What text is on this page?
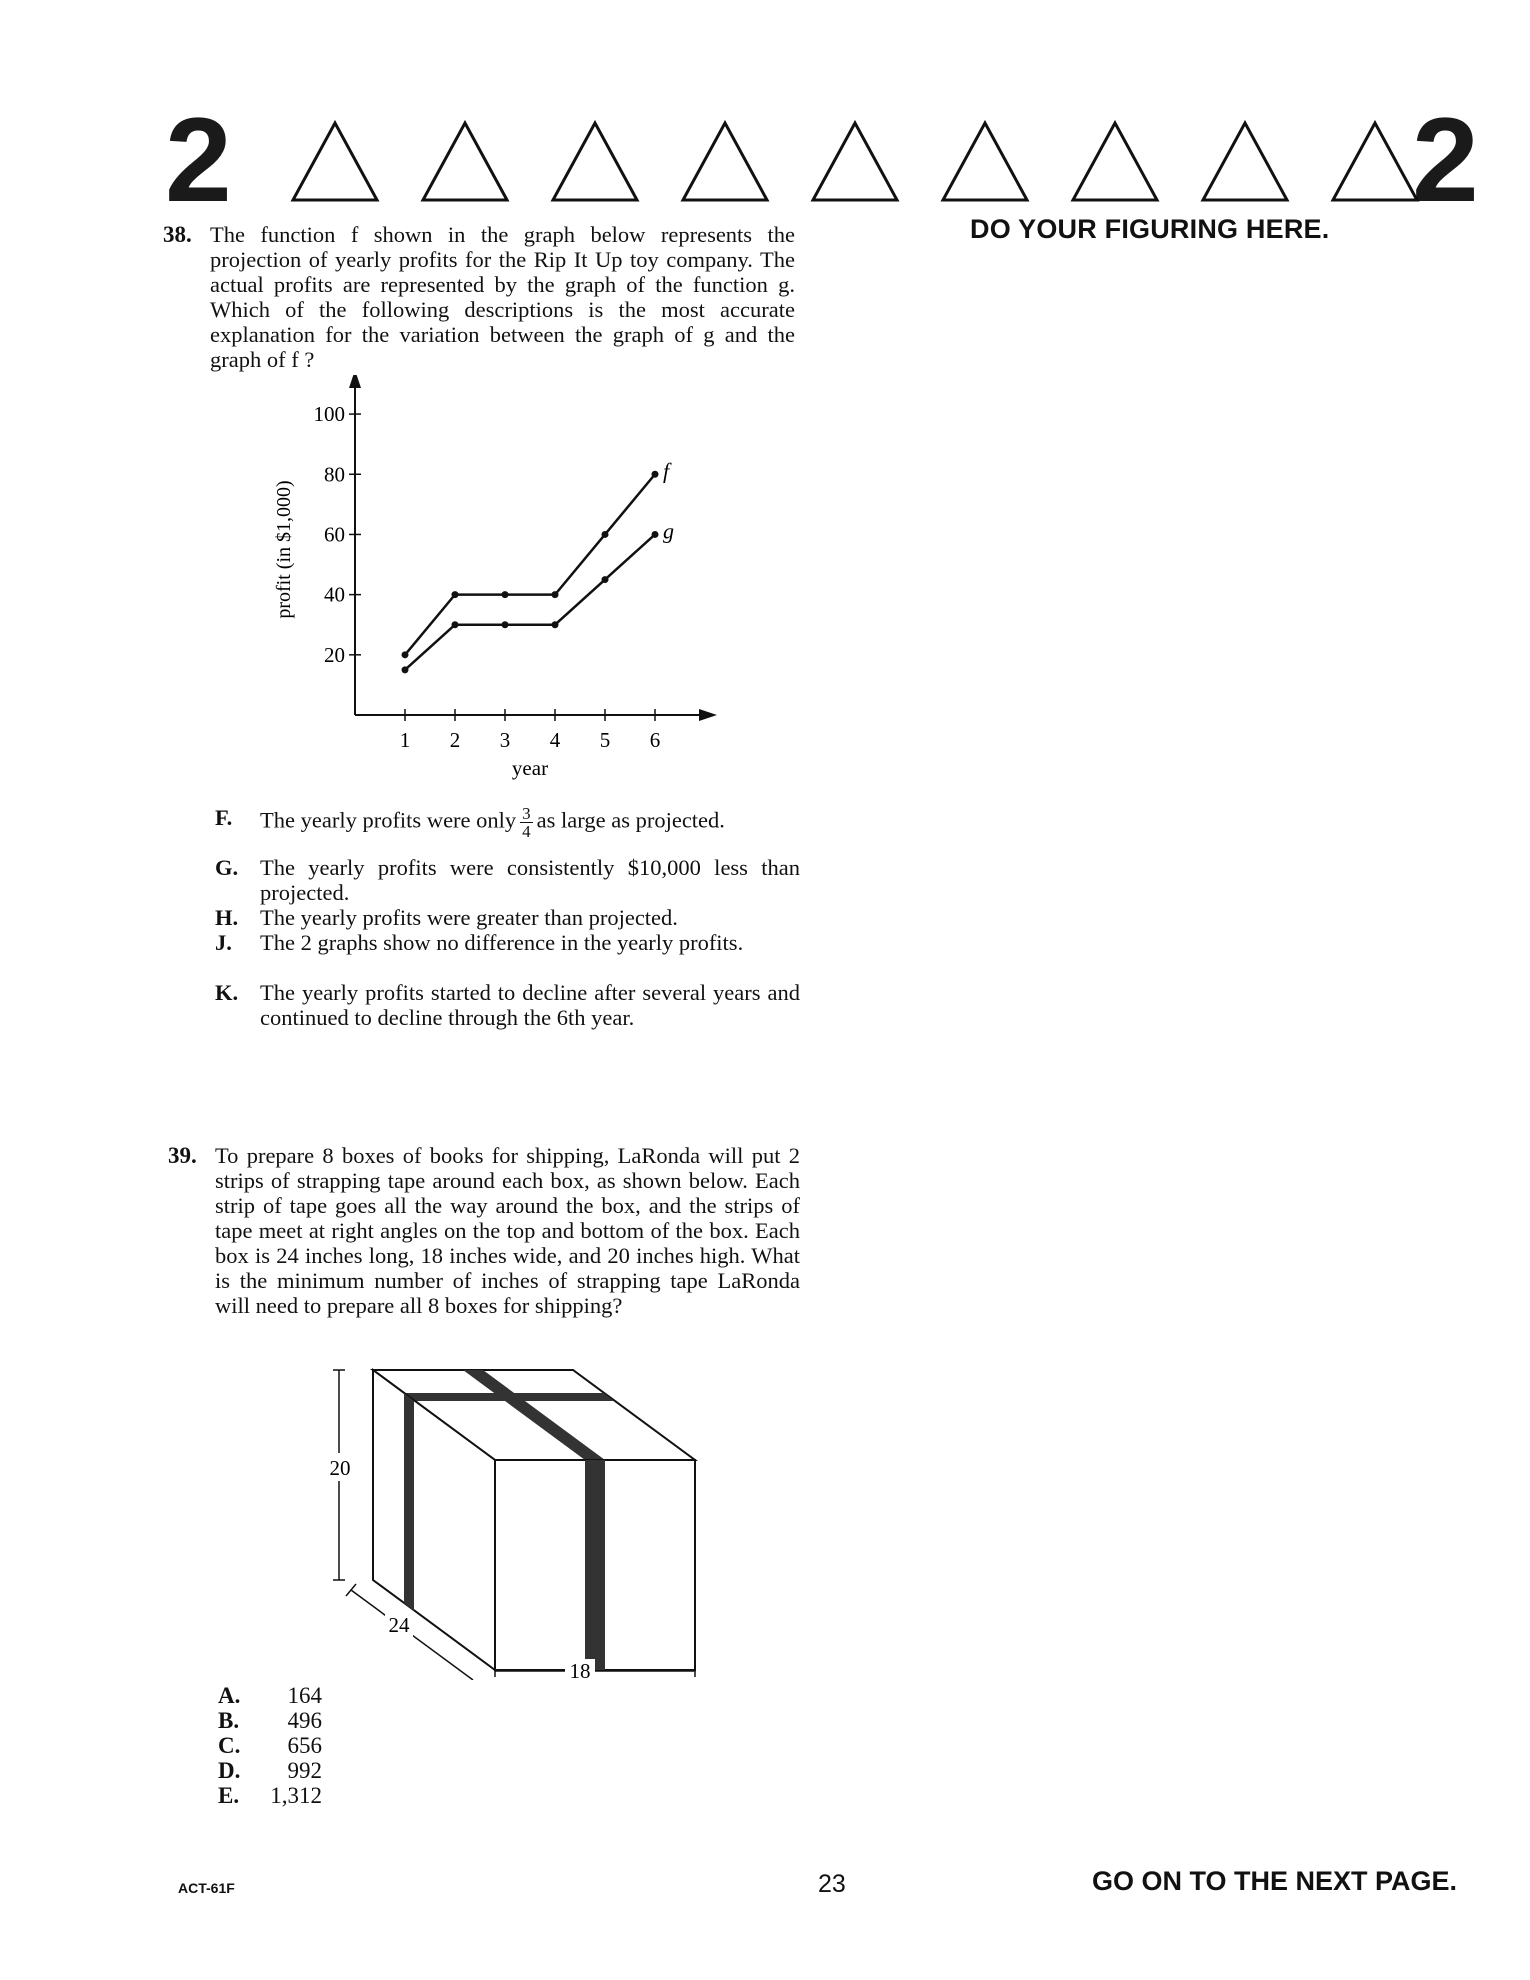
2	2
DO YOUR FIGURING HERE.
38. The function f shown in the graph below represents the projection of yearly profits for the Rip It Up toy company. The actual profits are represented by the graph of the function g. Which of the following descriptions is the most accurate explanation for the variation between the graph of g and the graph of f ?
20
40
60
80
100
1 2 3 4 5 6
year
profit (in $1,000)
f
g
F. The yearly profits were only $\frac{3}{4}$ as large as projected.
G. The yearly profits were consistently $10,000 less than projected.
H. The yearly profits were greater than projected.
J. The 2 graphs show no difference in the yearly profits.
K. The yearly profits started to decline after several years and continued to decline through the 6th year.
39. To prepare 8 boxes of books for shipping, LaRonda will put 2 strips of strapping tape around each box, as shown below. Each strip of tape goes all the way around the box, and the strips of tape meet at right angles on the top and bottom of the box. Each box is 24 inches long, 18 inches wide, and 20 inches high. What is the minimum number of inches of strapping tape LaRonda will need to prepare all 8 boxes for shipping?
20
24
18
A. 164
B. 496
C. 656
D. 992
E. 1,312
ACT-61F	23	GO ON TO THE NEXT PAGE.
